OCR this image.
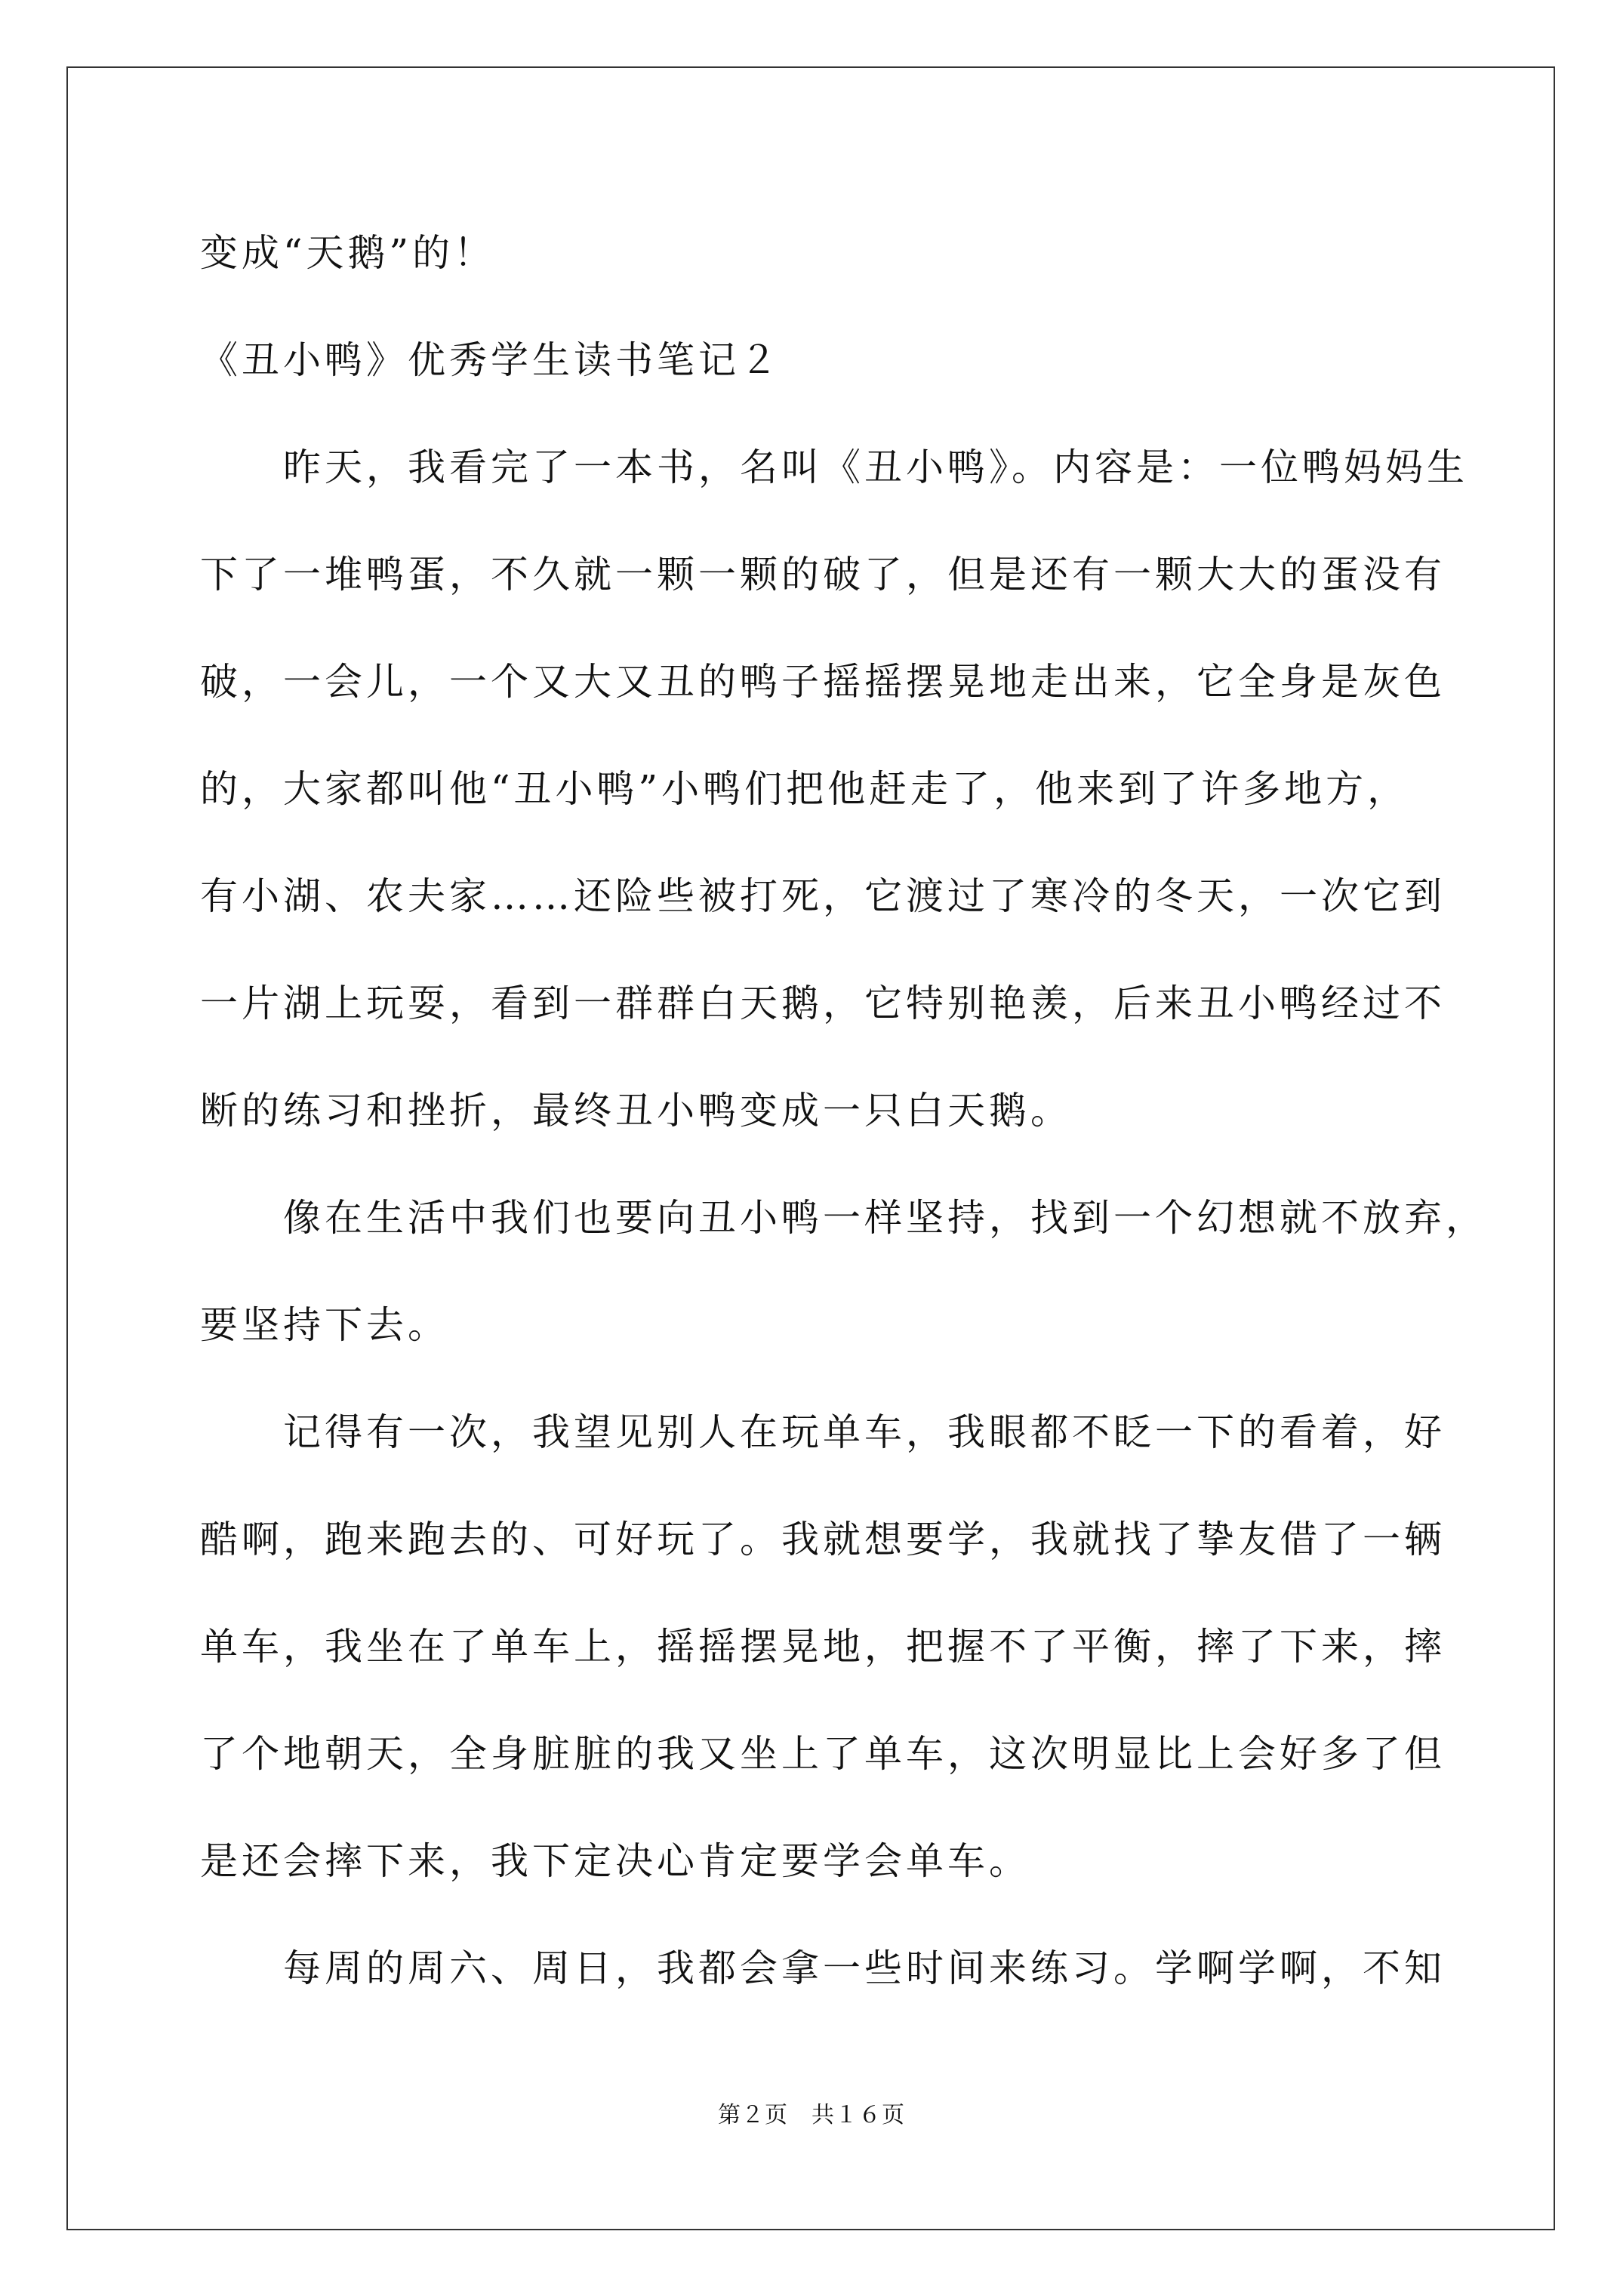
变成“天鹅”的！
《丑小鸭》优秀学生读书笔记２
昨天，我看完了一本书，名叫《丑小鸭》。内容是：一位鸭妈妈生
下了一堆鸭蛋，不久就一颗一颗的破了，但是还有一颗大大的蛋没有
破，一会儿，一个又大又丑的鸭子摇摇摆晃地走出来，它全身是灰色
的，大家都叫他“丑小鸭”小鸭们把他赶走了，他来到了许多地方，
有小湖、农夫家……还险些被打死，它渡过了寒冷的冬天，一次它到
一片湖上玩耍，看到一群群白天鹅，它特别艳羡，后来丑小鸭经过不
断的练习和挫折，最终丑小鸭变成一只白天鹅。
像在生活中我们也要向丑小鸭一样坚持，找到一个幻想就不放弃，
要坚持下去。
记得有一次，我望见别人在玩单车，我眼都不眨一下的看着，好
酷啊，跑来跑去的、可好玩了。我就想要学，我就找了挚友借了一辆
单车，我坐在了单车上，摇摇摆晃地，把握不了平衡，摔了下来，摔
了个地朝天，全身脏脏的我又坐上了单车，这次明显比上会好多了但
是还会摔下来，我下定决心肯定要学会单车。
每周的周六、周日，我都会拿一些时间来练习。学啊学啊，不知
第２页　共１６页
